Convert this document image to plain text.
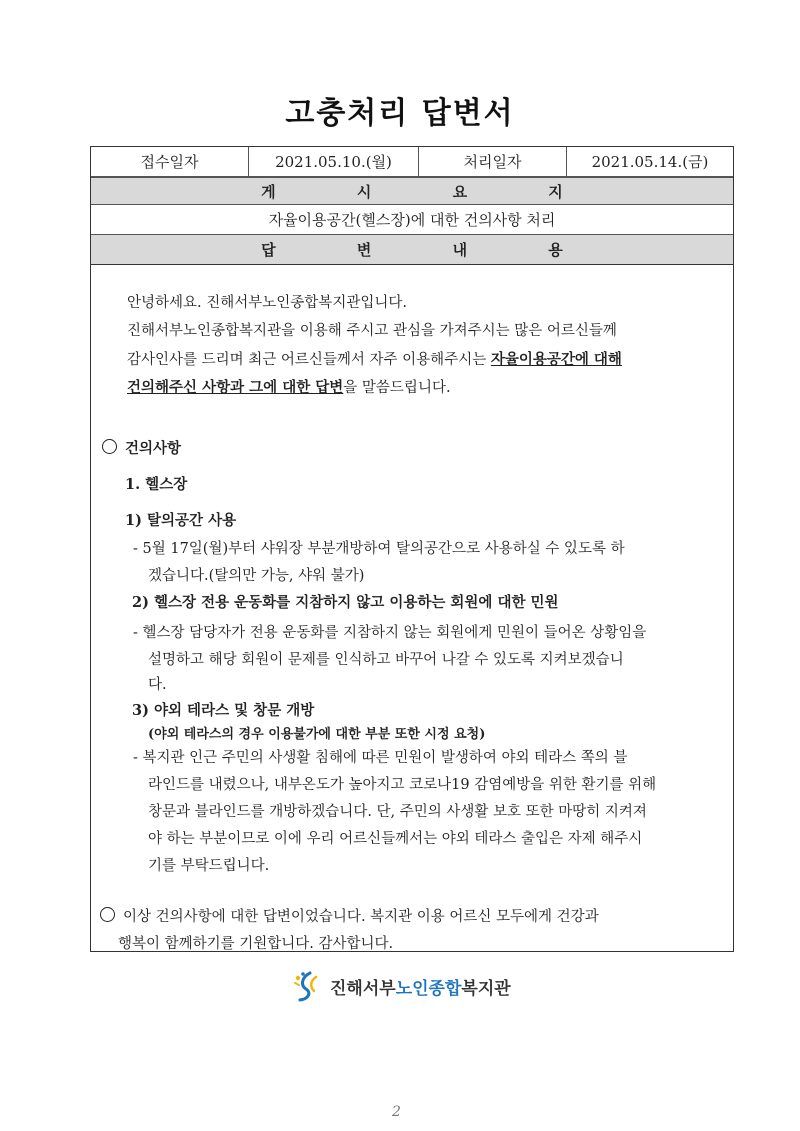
고충처리 답변서
접수일자	2021.05.10.(월)	처리일자	2021.05.14.(금)
게 시 요 지
자율이용공간(헬스장)에 대한 건의사항 처리
답 변 내 용
안녕하세요. 진해서부노인종합복지관입니다.
진해서부노인종합복지관을 이용해 주시고 관심을 가져주시는 많은 어르신들께
감사인사를 드리며 최근 어르신들께서 자주 이용해주시는 자율이용공간에 대해
건의해주신 사항과 그에 대한 답변을 말씀드립니다.
건의사항
1. 헬스장
1) 탈의공간 사용
- 5월 17일(월)부터 샤워장 부분개방하여 탈의공간으로 사용하실 수 있도록 하
겠습니다.(탈의만 가능, 샤워 불가)
2) 헬스장 전용 운동화를 지참하지 않고 이용하는 회원에 대한 민원
- 헬스장 담당자가 전용 운동화를 지참하지 않는 회원에게 민원이 들어온 상황임을
설명하고 해당 회원이 문제를 인식하고 바꾸어 나갈 수 있도록 지켜보겠습니
다.
3) 야외 테라스 및 창문 개방
(야외 테라스의 경우 이용불가에 대한 부분 또한 시정 요청)
- 복지관 인근 주민의 사생활 침해에 따른 민원이 발생하여 야외 테라스 쪽의 블
라인드를 내렸으나, 내부온도가 높아지고 코로나19 감염예방을 위한 환기를 위해
창문과 블라인드를 개방하겠습니다. 단, 주민의 사생활 보호 또한 마땅히 지켜져
야 하는 부분이므로 이에 우리 어르신들께서는 야외 테라스 출입은 자제 해주시
기를 부탁드립니다.
이상 건의사항에 대한 답변이었습니다. 복지관 이용 어르신 모두에게 건강과
행복이 함께하기를 기원합니다. 감사합니다.
진해서부 노인종합 복지관
2
